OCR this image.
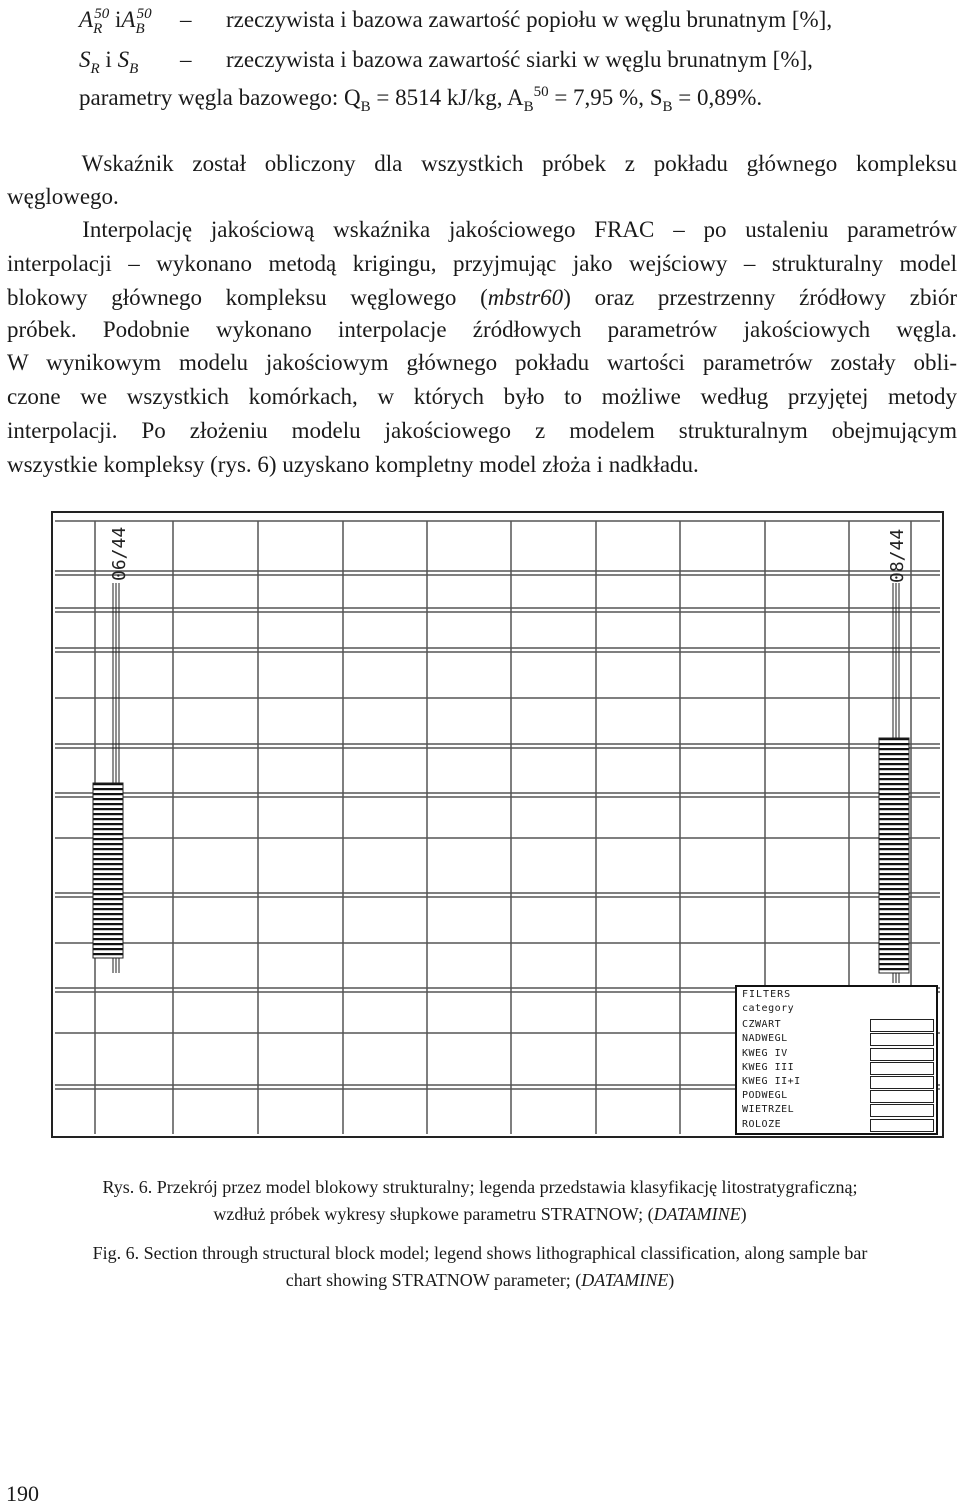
$A_R^{50}$ $iA_B^{50}$ – rzeczywista i bazowa zawartość popiołu w węglu brunatnym [%],
$S_R$ i $S_B$ – rzeczywista i bazowa zawartość siarki w węglu brunatnym [%],
parametry węgla bazowego: $Q_B = 8514$ kJ/kg, $A_B^{50} = 7,95$ %, $S_B = 0,89\%$.
Wskaźnik został obliczony dla wszystkich próbek z pokładu głównego kompleksu
węglowego.
Interpolację jakościową wskaźnika jakościowego FRAC – po ustaleniu parametrów
interpolacji – wykonano metodą krigingu, przyjmując jako wejściowy – strukturalny model
blokowy głównego kompleksu węglowego (mbstr60) oraz przestrzenny źródłowy zbiór
próbek. Podobnie wykonano interpolacje źródłowych parametrów jakościowych węgla.
W wynikowym modelu jakościowym głównego pokładu wartości parametrów zostały obli-
czone we wszystkich komórkach, w których było to możliwe według przyjętej metody
interpolacji. Po złożeniu modelu jakościowego z modelem strukturalnym obejmującym
wszystkie kompleksy (rys. 6) uzyskano kompletny model złoża i nadkładu.
06/44	08/44
FILTERS
category
CZWART
NADWEGL
KWEG IV
KWEG III
KWEG II+I
PODWEGL
WIETRZEL
ROLOZE
Rys. 6. Przekrój przez model blokowy strukturalny; legenda przedstawia klasyfikację litostratygraficzną;
wzdłuż próbek wykresy słupkowe parametru STRATNOW; (DATAMINE)
Fig. 6. Section through structural block model; legend shows lithographical classification, along sample bar
chart showing STRATNOW parameter; (DATAMINE)
190
